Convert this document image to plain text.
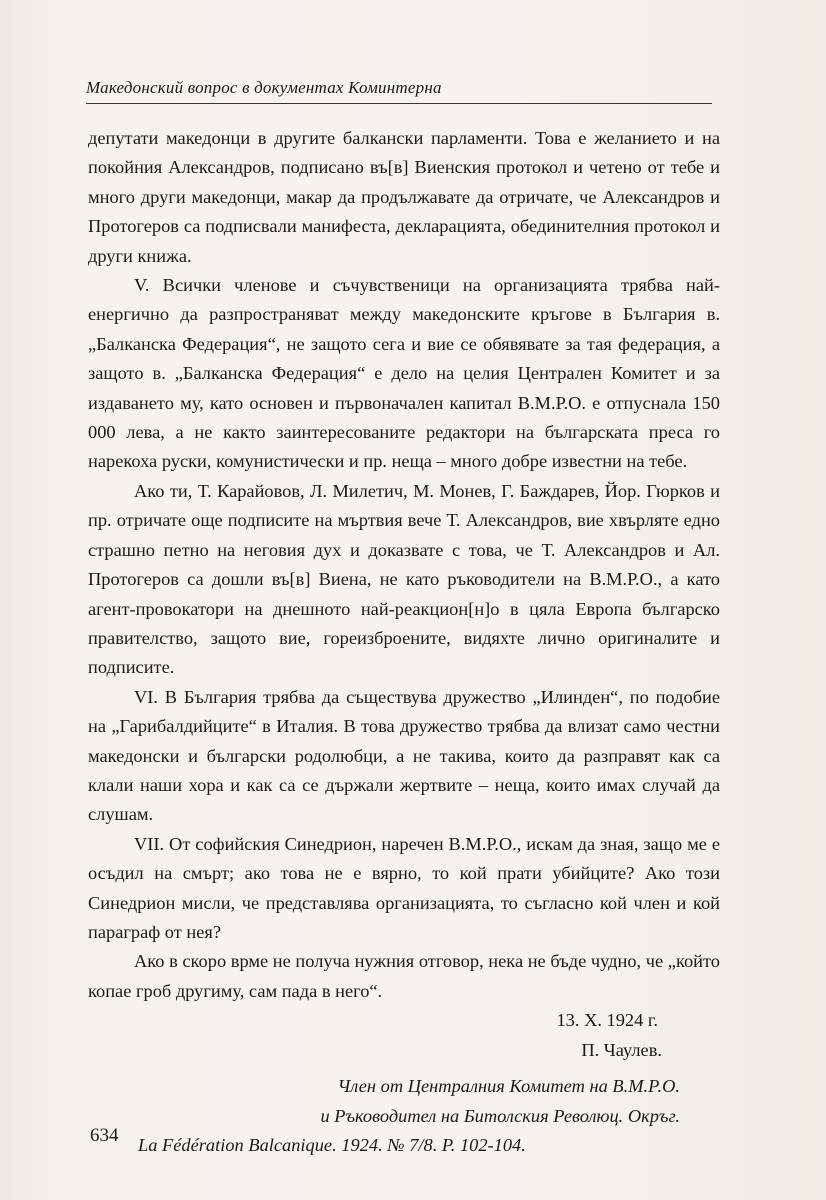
Македонский вопрос в документах Коминтерна

депутати македонци в другите балкански парламенти. Това е желанието и на покойния Александров, подписано въ[в] Виенския протокол и четено от тебе и много други македонци, макар да продължавате да отричате, че Александров и Протогеров са подписвали манифеста, декларацията, обединителния протокол и други книжа.

V. Всички членове и съчувственици на организацията трябва най-енергично да разпространяват между македонските кръгове в България в. „Балканска Федерация“, не защото сега и вие се обявявате за тая федерация, а защото в. „Балканска Федерация“ е дело на целия Централен Комитет и за издаването му, като основен и първоначален капитал В.М.Р.О. е отпуснала 150 000 лева, а не както заинтересованите редактори на българската преса го нарекоха руски, комунистически и пр. неща – много добре известни на тебе.

Ако ти, Т. Карайовов, Л. Милетич, М. Монев, Г. Баждарев, Йор. Гюрков и пр. отричате още подписите на мъртвия вече Т. Александров, вие хвърляте едно страшно петно на неговия дух и доказвате с това, че Т. Александров и Ал. Протогеров са дошли въ[в] Виена, не като ръководители на В.М.Р.О., а като агент-провокатори на днешното най-реакцион[н]о в цяла Европа българско правителство, защото вие, гореизброените, видяхте лично оригиналите и подписите.

VI. В България трябва да съществува дружество „Илинден“, по подобие на „Гарибалдийците“ в Италия. В това дружество трябва да влизат само честни македонски и български родолюбци, а не такива, които да разправят как са клали наши хора и как са се държали жертвите – неща, които имах случай да слушам.

VII. От софийския Синедрион, наречен В.М.Р.О., искам да зная, защо ме е осъдил на смърт; ако това не е вярно, то кой прати убийците? Ако този Синедрион мисли, че представлява организацията, то съгласно кой член и кой параграф от нея?

Ако в скоро врме не получа нужния отговор, нека не бъде чудно, че „който копае гроб другиму, сам пада в него“.

13. X. 1924 г.

П. Чаулев.

Член от Централния Комитет на В.М.Р.О.
и Ръководител на Битолския Революц. Окръг.

La Fédération Balcanique. 1924. № 7/8. P. 102-104.

634
